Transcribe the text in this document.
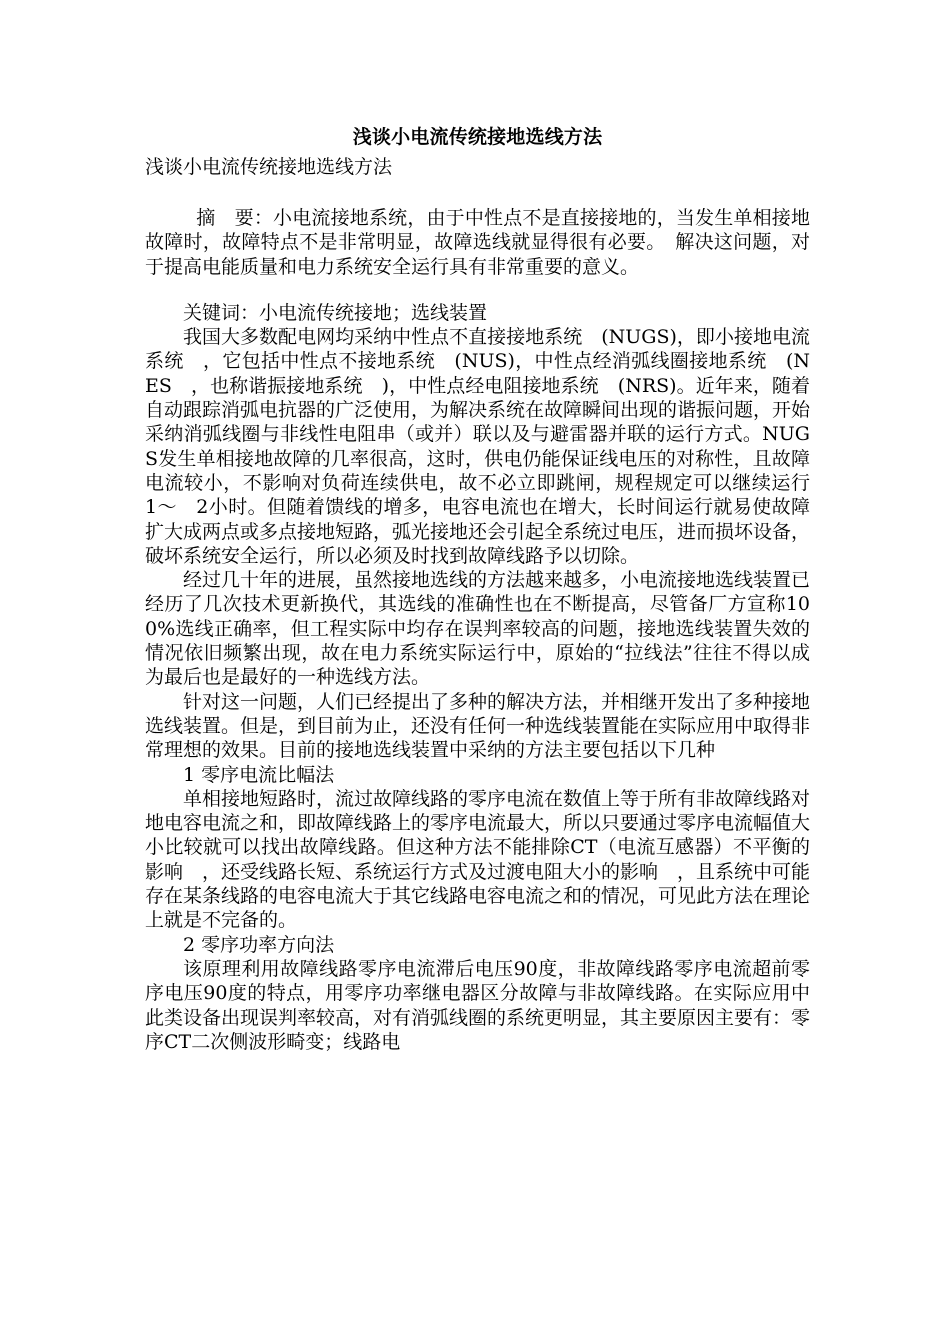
浅谈小电流传统接地选线方法

浅谈小电流传统接地选线方法

摘　要：小电流接地系统，由于中性点不是直接接地的，当发生单相接地故障时，故障特点不是非常明显，故障选线就显得很有必要。　解决这问题，对于提高电能质量和电力系统安全运行具有非常重要的意义。

关键词：小电流传统接地；选线装置

我国大多数配电网均采纳中性点不直接接地系统　(NUGS)，即小接地电流系统　，它包括中性点不接地系统　(NUS)，中性点经消弧线圈接地系统　(NES　，也称谐振接地系统　)，中性点经电阻接地系统　(NRS)。近年来，随着自动跟踪消弧电抗器的广泛使用，为解决系统在故障瞬间出现的谐振问题，开始采纳消弧线圈与非线性电阻串（或并）联以及与避雷器并联的运行方式。NUGS发生单相接地故障的几率很高，这时，供电仍能保证线电压的对称性，且故障电流较小，不影响对负荷连续供电，故不必立即跳闸，规程规定可以继续运行　1～　2小时。但随着馈线的增多，电容电流也在增大，长时间运行就易使故障扩大成两点或多点接地短路，弧光接地还会引起全系统过电压，进而损坏设备，破坏系统安全运行，所以必须及时找到故障线路予以切除。

经过几十年的进展，虽然接地选线的方法越来越多，小电流接地选线装置已经历了几次技术更新换代，其选线的准确性也在不断提高，尽管备厂方宣称100%选线正确率，但工程实际中均存在误判率较高的问题，接地选线装置失效的情况依旧频繁出现，故在电力系统实际运行中，原始的“拉线法”往往不得以成为最后也是最好的一种选线方法。

针对这一问题，人们已经提出了多种的解决方法，并相继开发出了多种接地选线装置。但是，到目前为止，还没有任何一种选线装置能在实际应用中取得非常理想的效果。目前的接地选线装置中采纳的方法主要包括以下几种

1 零序电流比幅法

单相接地短路时，流过故障线路的零序电流在数值上等于所有非故障线路对地电容电流之和，即故障线路上的零序电流最大，所以只要通过零序电流幅值大小比较就可以找出故障线路。但这种方法不能排除CT（电流互感器）不平衡的影响　，还受线路长短、系统运行方式及过渡电阻大小的影响　，且系统中可能存在某条线路的电容电流大于其它线路电容电流之和的情况，可见此方法在理论上就是不完备的。

2 零序功率方向法

该原理利用故障线路零序电流滞后电压90度，非故障线路零序电流超前零序电压90度的特点，用零序功率继电器区分故障与非故障线路。在实际应用中此类设备出现误判率较高，对有消弧线圈的系统更明显，其主要原因主要有：零序CT二次侧波形畸变；线路电
